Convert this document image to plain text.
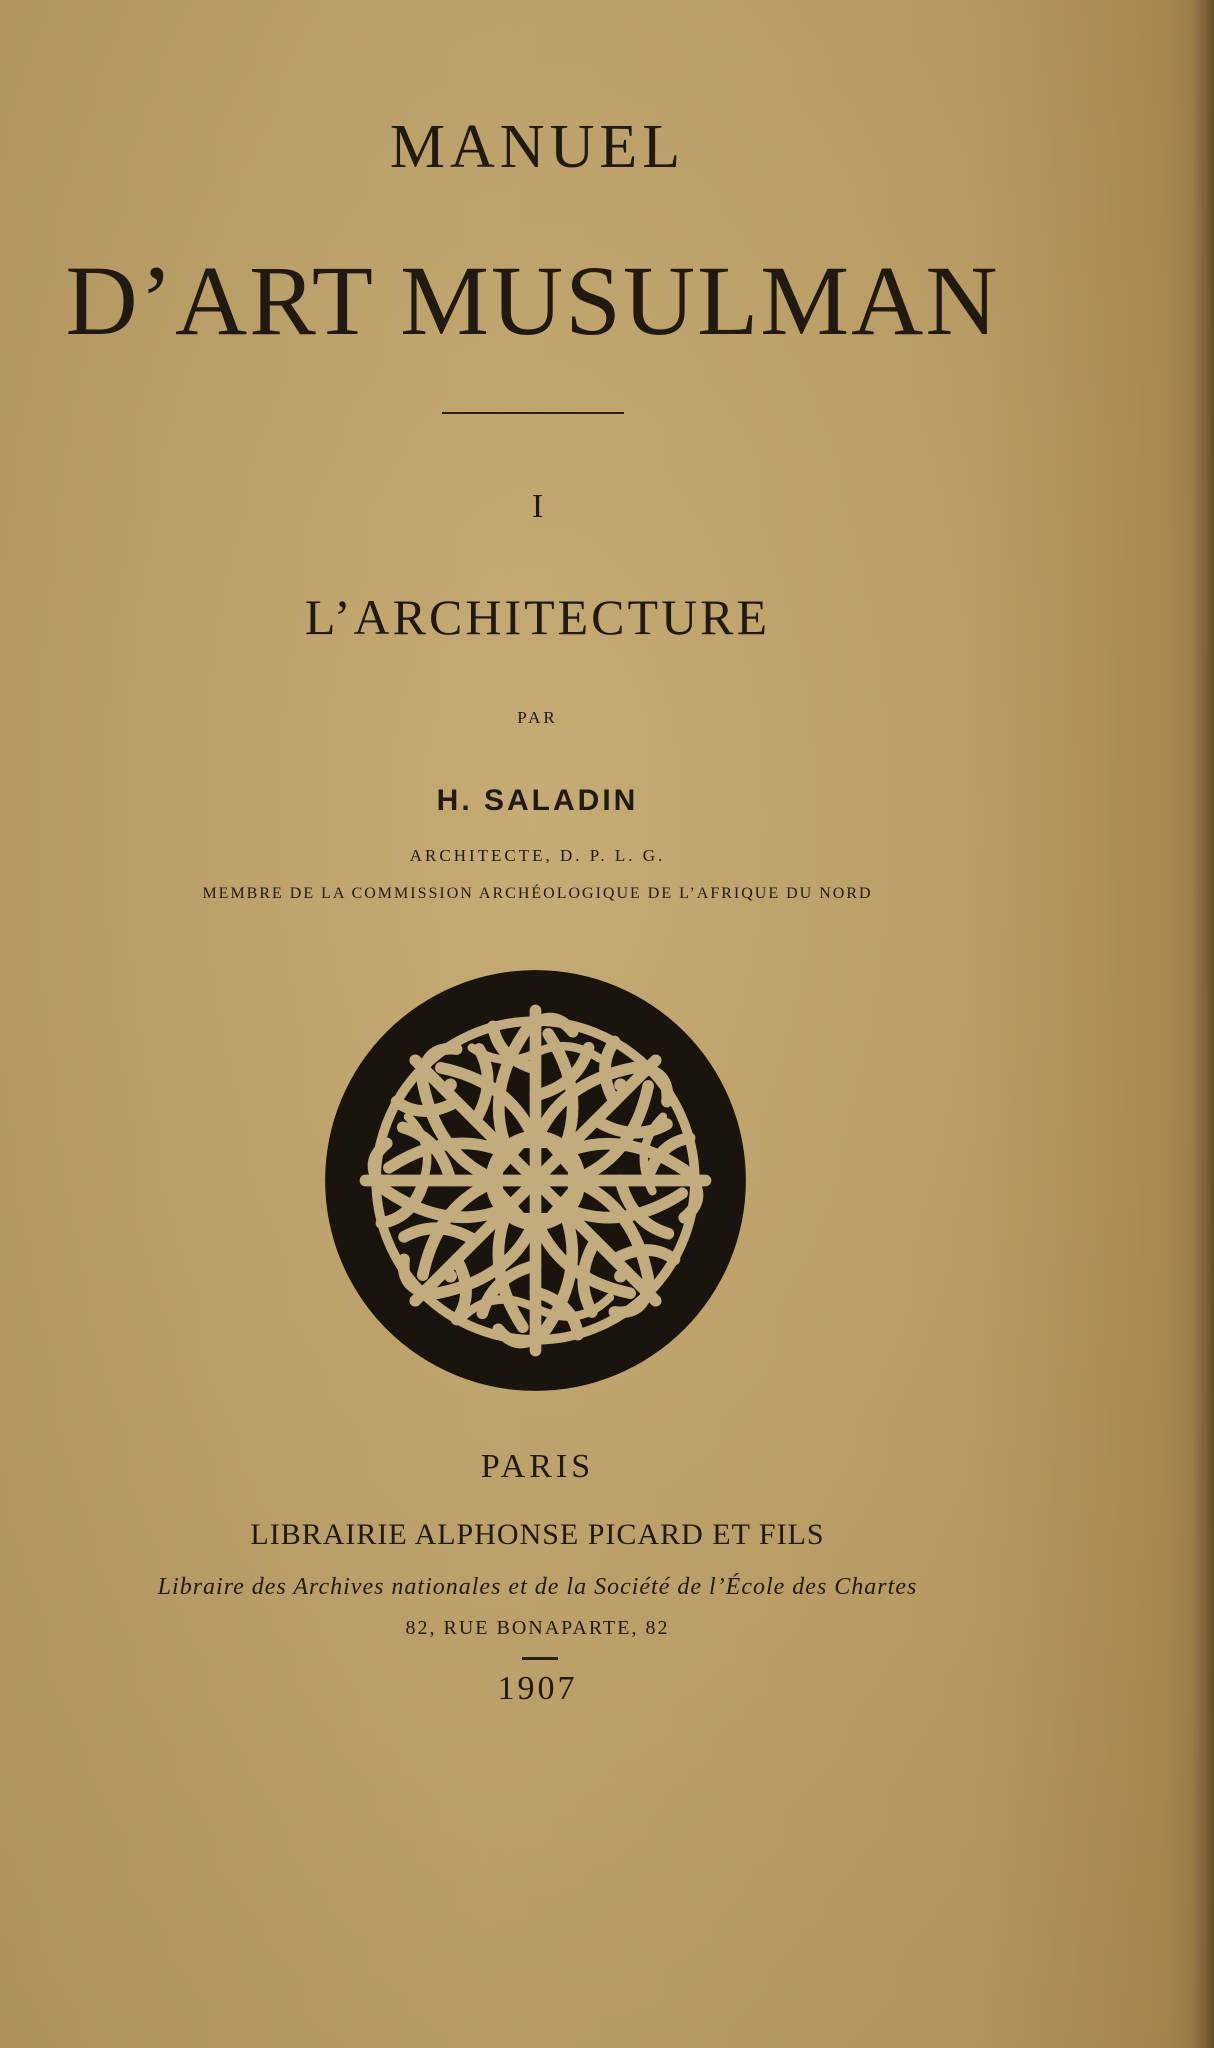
MANUEL
D’ART MUSULMAN
I
L’ARCHITECTURE
PAR
H. SALADIN
ARCHITECTE, D. P. L. G.
MEMBRE DE LA COMMISSION ARCHÉOLOGIQUE DE L’AFRIQUE DU NORD
PARIS
LIBRAIRIE ALPHONSE PICARD ET FILS
Libraire des Archives nationales et de la Société de l’École des Chartes
82, RUE BONAPARTE, 82
1907
